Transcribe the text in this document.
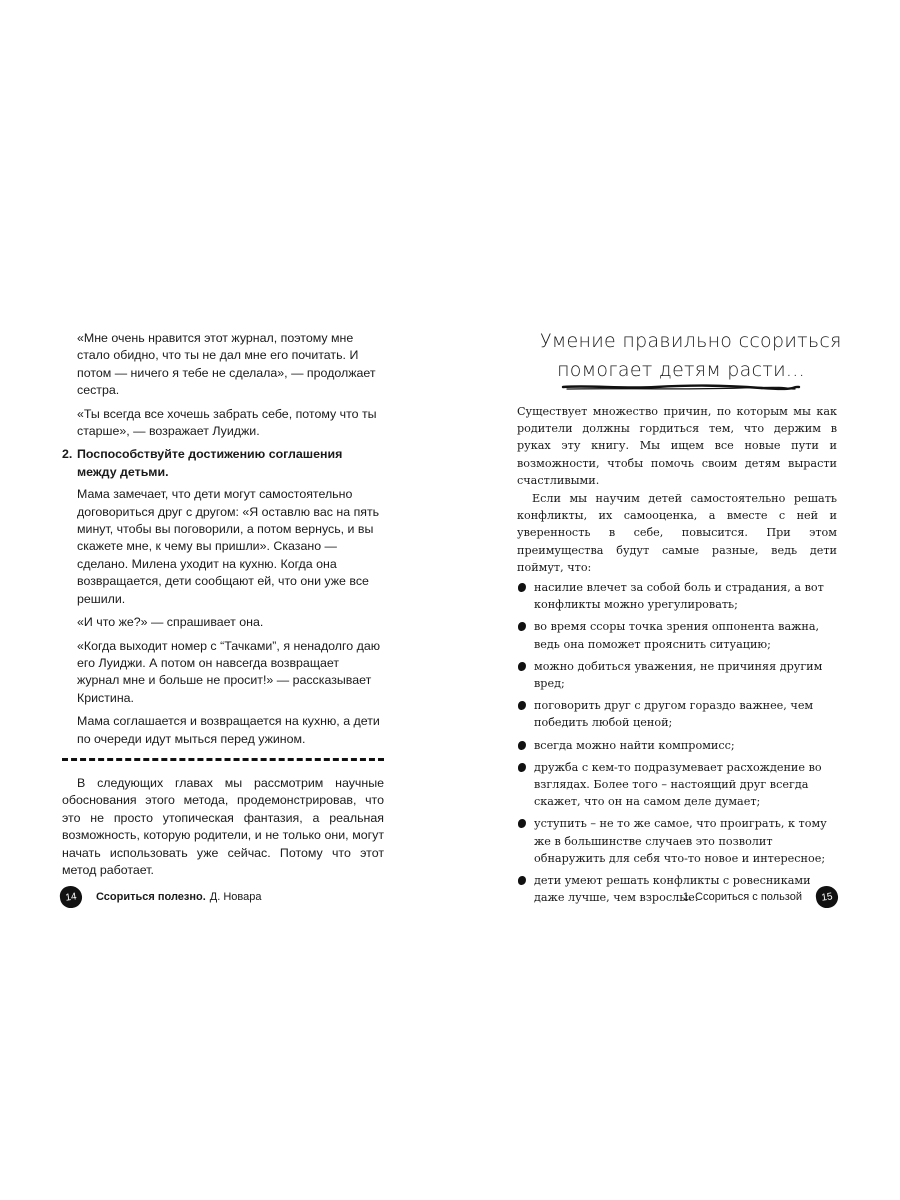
«Мне очень нравится этот журнал, поэтому мне стало обидно, что ты не дал мне его почитать. И потом — ничего я тебе не сделала», — продолжает сестра.

«Ты всегда все хочешь забрать себе, потому что ты старше», — возражает Луиджи.

2. Поспособствуйте достижению соглашения между детьми.

Мама замечает, что дети могут самостоятельно договориться друг с другом: «Я оставлю вас на пять минут, чтобы вы поговорили, а потом вернусь, и вы скажете мне, к чему вы пришли». Сказано — сделано. Милена уходит на кухню. Когда она возвращается, дети сообщают ей, что они уже все решили.

«И что же?» — спрашивает она.

«Когда выходит номер с “Тачками”, я ненадолго даю его Луиджи. А потом он навсегда возвращает журнал мне и больше не просит!» — рассказывает Кристина.

Мама соглашается и возвращается на кухню, а дети по очереди идут мыться перед ужином.

В следующих главах мы рассмотрим научные обоснования этого метода, продемонстрировав, что это не просто утопическая фантазия, а реальная возможность, которую родители, и не только они, могут начать использовать уже сейчас. Потому что этот метод работает.

14	Ссориться полезно. Д. Новара
Умение правильно ссориться
помогает детям расти...

Существует множество причин, по которым мы как родители должны гордиться тем, что держим в руках эту книгу. Мы ищем все новые пути и возможности, чтобы помочь своим детям вырасти счастливыми.

Если мы научим детей самостоятельно решать конфликты, их самооценка, а вместе с ней и уверенность в себе, повысится. При этом преимущества будут самые разные, ведь дети поймут, что:

насилие влечет за собой боль и страдания, а вот конфликты можно урегулировать;
во время ссоры точка зрения оппонента важна, ведь она поможет прояснить ситуацию;
можно добиться уважения, не причиняя другим вред;
поговорить друг с другом гораздо важнее, чем победить любой ценой;
всегда можно найти компромисс;
дружба с кем-то подразумевает расхождение во взглядах. Более того – настоящий друг всегда скажет, что он на самом деле думает;
уступить – не то же самое, что проиграть, к тому же в большинстве случаев это позволит обнаружить для себя что-то новое и интересное;
дети умеют решать конфликты с ровесниками даже лучше, чем взрослые.
1. Ссориться с пользой	15
